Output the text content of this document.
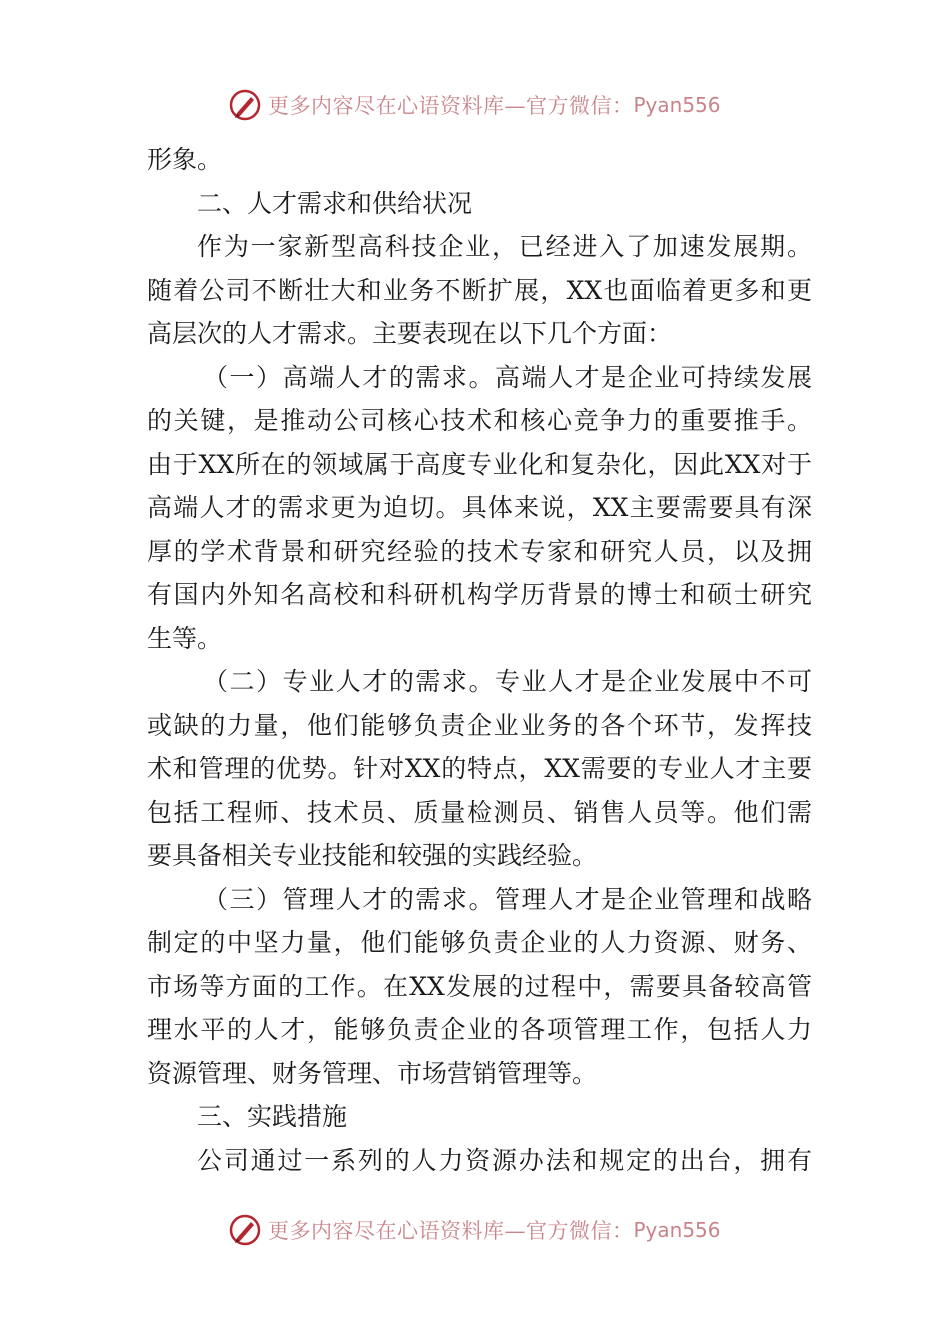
更多内容尽在心语资料库—官方微信： Pyan556
形象。
二、人才需求和供给状况
作为一家新型高科技企业，已经进入了加速发展期。
随着公司不断壮大和业务不断扩展，XX也面临着更多和更
高层次的人才需求。主要表现在以下几个方面：
（一）高端人才的需求。高端人才是企业可持续发展
的关键，是推动公司核心技术和核心竞争力的重要推手。
由于XX所在的领域属于高度专业化和复杂化，因此XX对于
高端人才的需求更为迫切。具体来说，XX主要需要具有深
厚的学术背景和研究经验的技术专家和研究人员，以及拥
有国内外知名高校和科研机构学历背景的博士和硕士研究
生等。
（二）专业人才的需求。专业人才是企业发展中不可
或缺的力量，他们能够负责企业业务的各个环节，发挥技
术和管理的优势。针对XX的特点，XX需要的专业人才主要
包括工程师、技术员、质量检测员、销售人员等。他们需
要具备相关专业技能和较强的实践经验。
（三）管理人才的需求。管理人才是企业管理和战略
制定的中坚力量，他们能够负责企业的人力资源、财务、
市场等方面的工作。在XX发展的过程中，需要具备较高管
理水平的人才，能够负责企业的各项管理工作，包括人力
资源管理、财务管理、市场营销管理等。
三、实践措施
公司通过一系列的人力资源办法和规定的出台，拥有
更多内容尽在心语资料库—官方微信： Pyan556
